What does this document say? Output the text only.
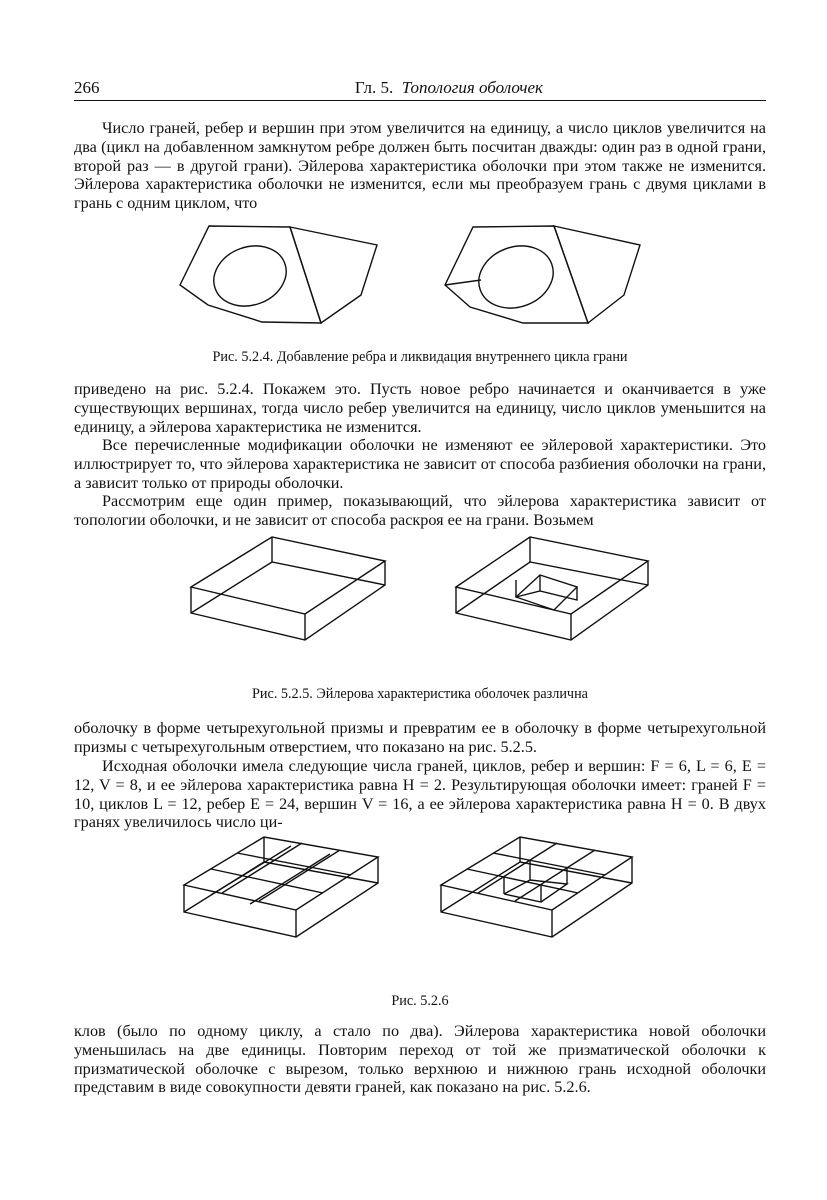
266	Гл. 5. Топология оболочек

Число граней, ребер и вершин при этом увеличится на единицу, а число циклов увеличится на два (цикл на добавленном замкнутом ребре должен быть посчитан дважды: один раз в одной грани, второй раз — в другой грани). Эйлерова характеристика оболочки при этом также не изменится. Эйлерова характеристика оболочки не изменится, если мы преобразуем грань с двумя циклами в грань с одним циклом, что

Рис. 5.2.4. Добавление ребра и ликвидация внутреннего цикла грани

приведено на рис. 5.2.4. Покажем это. Пусть новое ребро начинается и оканчивается в уже существующих вершинах, тогда число ребер увеличится на единицу, число циклов уменьшится на единицу, а эйлерова характеристика не изменится.

Все перечисленные модификации оболочки не изменяют ее эйлеровой характеристики. Это иллюстрирует то, что эйлерова характеристика не зависит от способа разбиения оболочки на грани, а зависит только от природы оболочки.

Рассмотрим еще один пример, показывающий, что эйлерова характеристика зависит от топологии оболочки, и не зависит от способа раскроя ее на грани. Возьмем

Рис. 5.2.5. Эйлерова характеристика оболочек различна

оболочку в форме четырехугольной призмы и превратим ее в оболочку в форме четырехугольной призмы с четырехугольным отверстием, что показано на рис. 5.2.5.

Исходная оболочки имела следующие числа граней, циклов, ребер и вершин: F = 6, L = 6, E = 12, V = 8, и ее эйлерова характеристика равна H = 2. Результирующая оболочки имеет: граней F = 10, циклов L = 12, ребер E = 24, вершин V = 16, а ее эйлерова характеристика равна H = 0. В двух гранях увеличилось число ци-

Рис. 5.2.6

клов (было по одному циклу, а стало по два). Эйлерова характеристика новой оболочки уменьшилась на две единицы. Повторим переход от той же призматической оболочки к призматической оболочке с вырезом, только верхнюю и нижнюю грань исходной оболочки представим в виде совокупности девяти граней, как показано на рис. 5.2.6.
